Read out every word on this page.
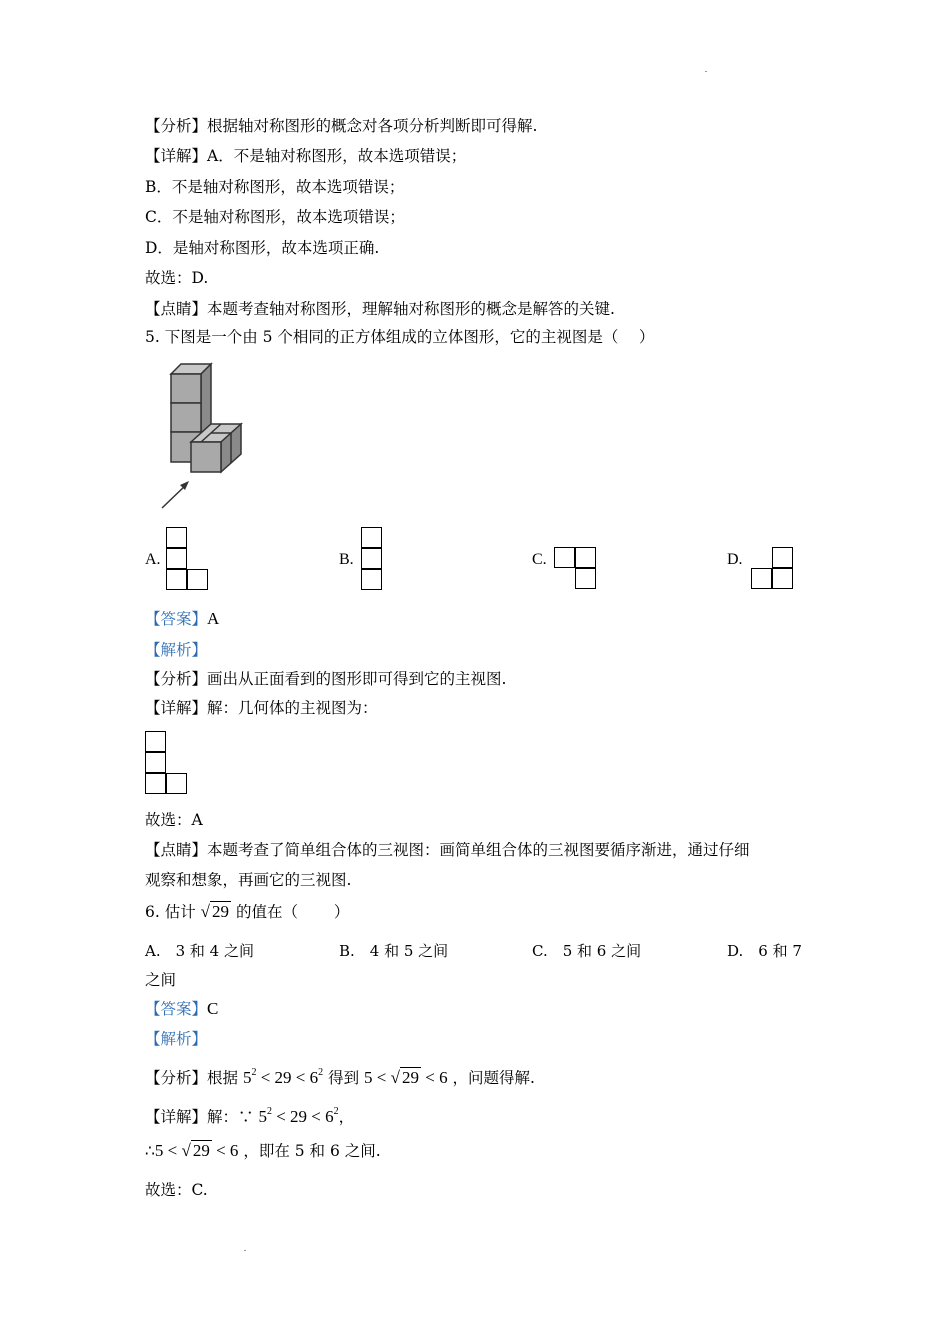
【分析】根据轴对称图形的概念对各项分析判断即可得解.
【详解】A．不是轴对称图形，故本选项错误；
B．不是轴对称图形，故本选项错误；
C．不是轴对称图形，故本选项错误；
D．是轴对称图形，故本选项正确.
故选：D.
【点睛】本题考查轴对称图形，理解轴对称图形的概念是解答的关键.
5. 下图是一个由 5 个相同的正方体组成的立体图形，它的主视图是（　 ）
A.	B.	C.	D.
【答案】A
【解析】
【分析】画出从正面看到的图形即可得到它的主视图.
【详解】解：几何体的主视图为：
故选：A
【点睛】本题考查了简单组合体的三视图：画简单组合体的三视图要循序渐进，通过仔细
观察和想象，再画它的三视图.
6. 估计 √ 29 的值在（　　 ）
A.　3 和 4 之间	B.　4 和 5 之间	C.　5 和 6 之间	D.　6 和 7
之间
【答案】C
【解析】
【分析】根据 $5^2 < 29 < 6^2$ 得到 5 < √ 29 < 6 ，问题得解.
【详解】解：∵ $5^2 < 29 < 6^2$，
∴5 < √ 29 < 6 ，即在 5 和 6 之间.
故选：C.
